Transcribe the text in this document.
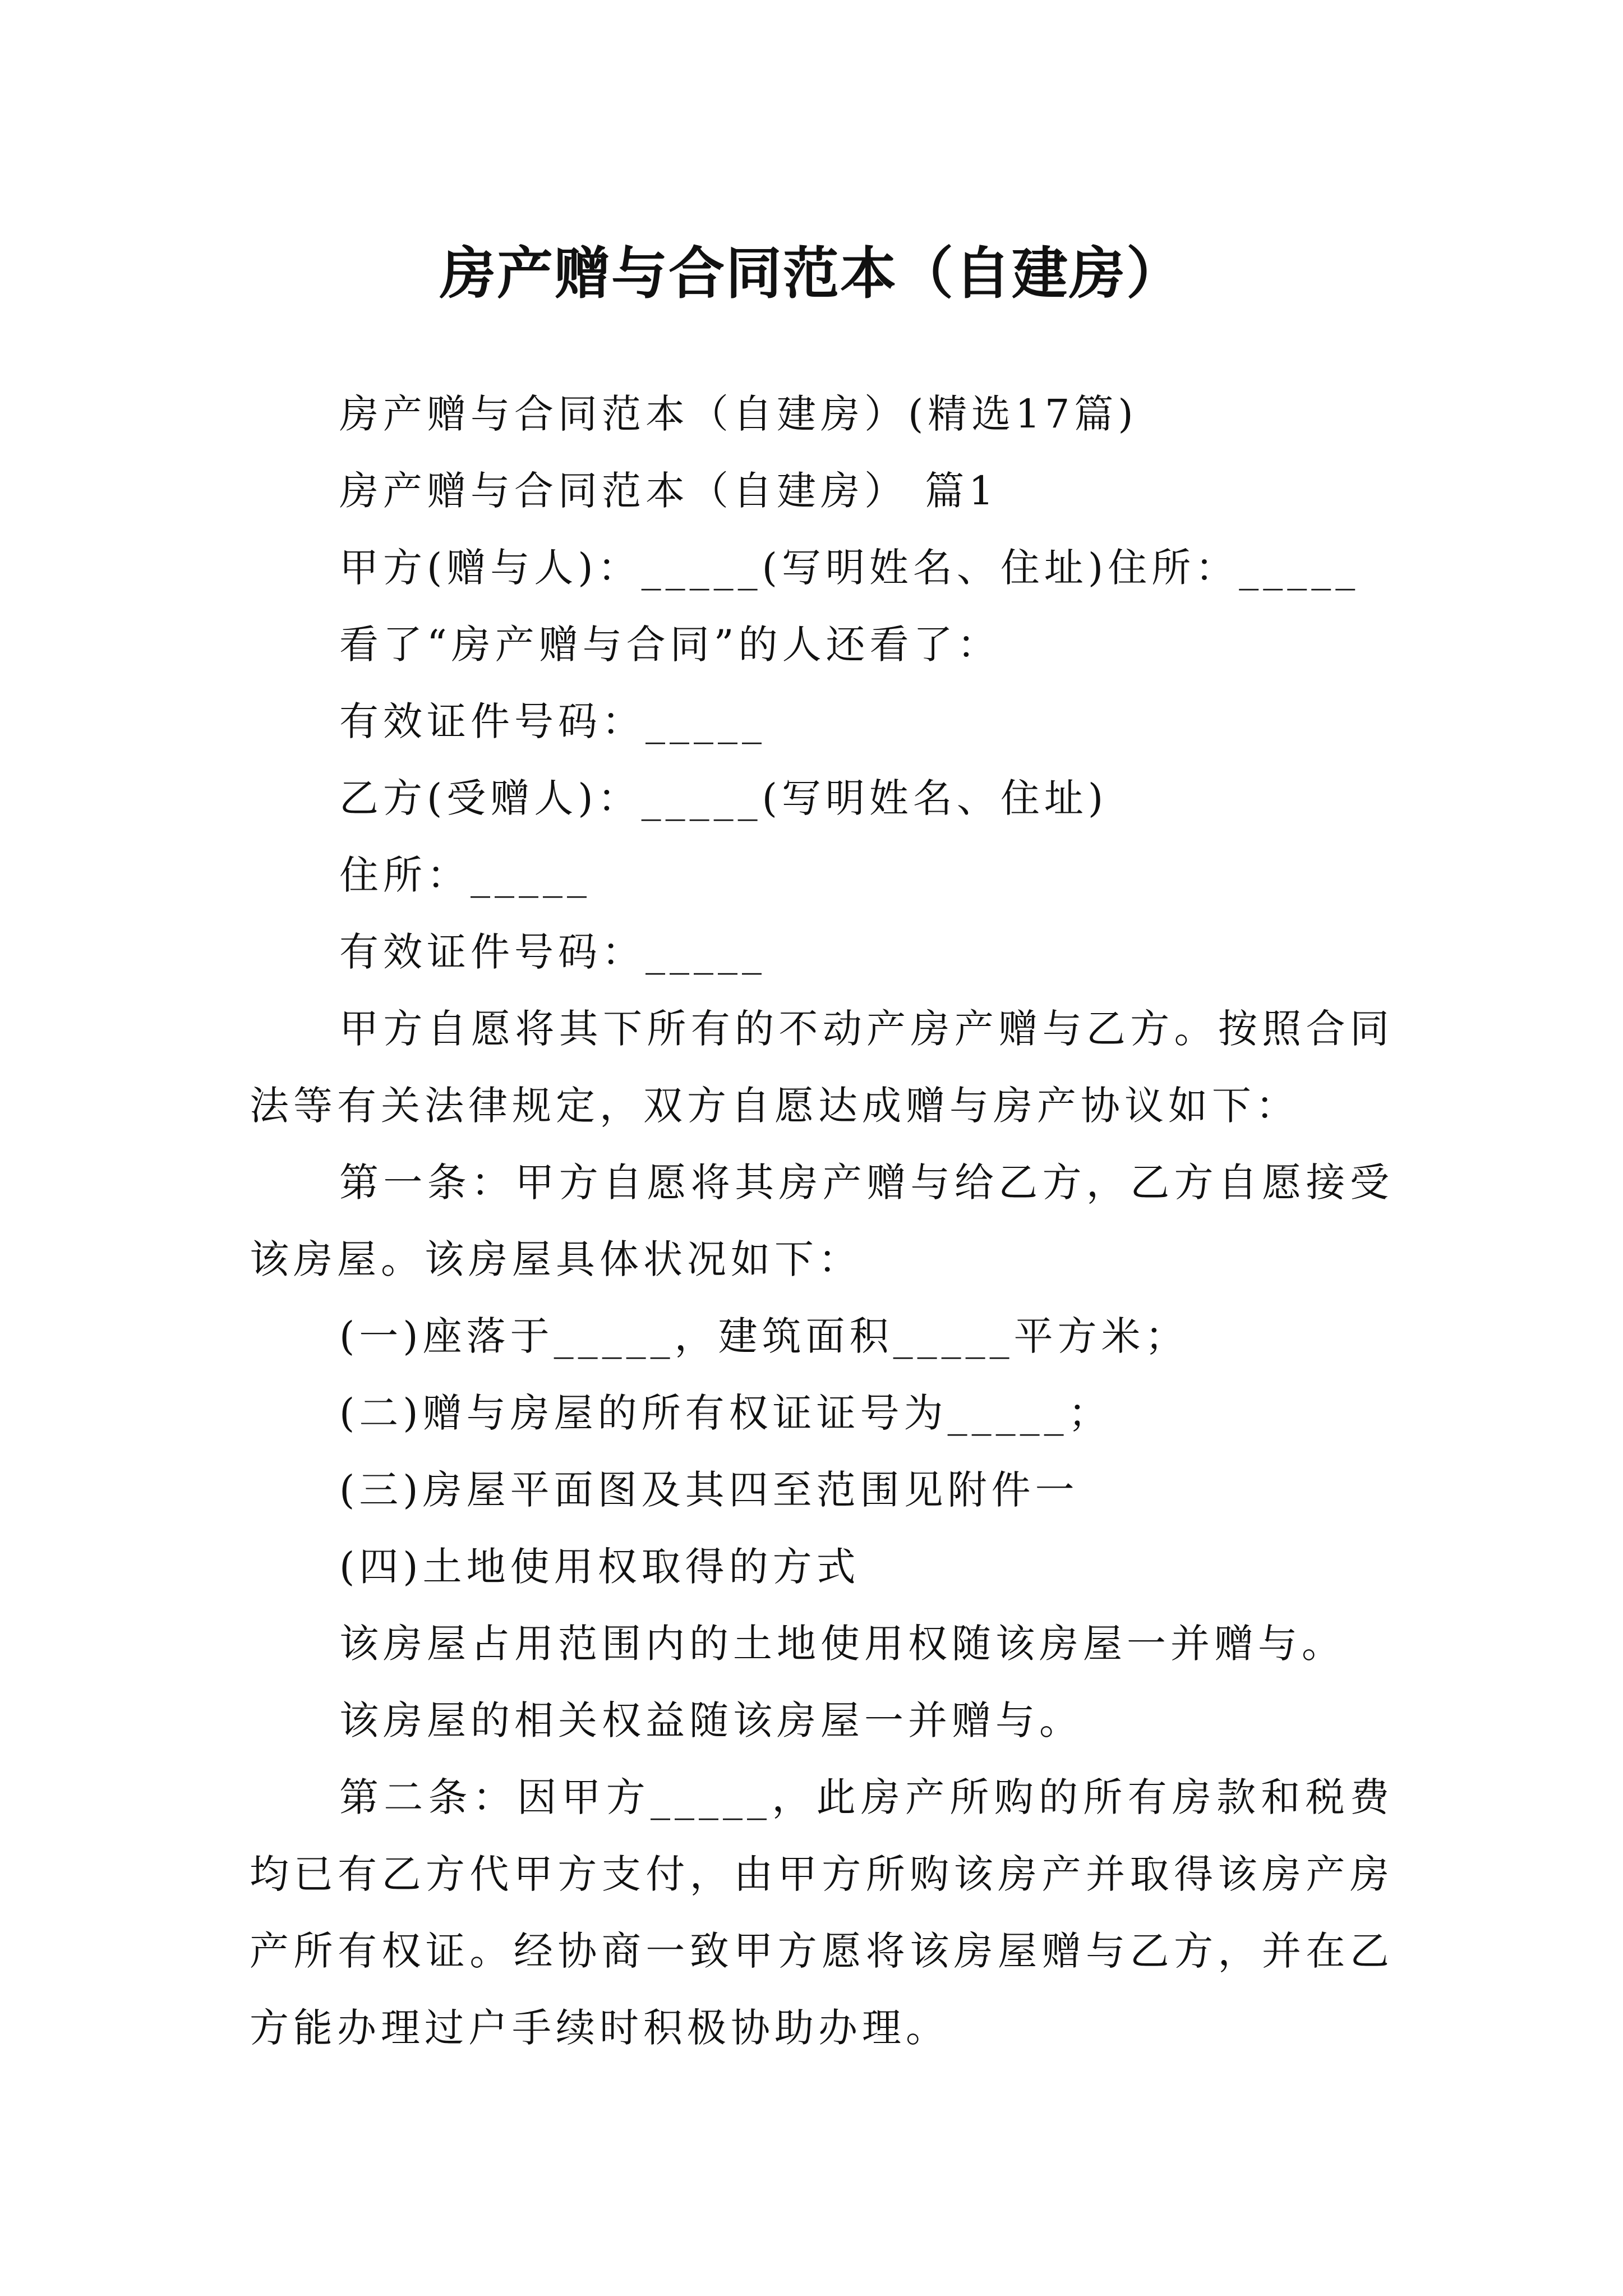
房产赠与合同范本（自建房）

房产赠与合同范本（自建房）(精选17篇)

房产赠与合同范本（自建房） 篇1

甲方(赠与人)：_____(写明姓名、住址)住所：_____

看了“房产赠与合同”的人还看了：

有效证件号码：_____

乙方(受赠人)：_____(写明姓名、住址)

住所：_____

有效证件号码：_____

甲方自愿将其下所有的不动产房产赠与乙方。按照合同法等有关法律规定，双方自愿达成赠与房产协议如下：

第一条：甲方自愿将其房产赠与给乙方，乙方自愿接受该房屋。该房屋具体状况如下：

(一)座落于_____，建筑面积_____平方米；

(二)赠与房屋的所有权证证号为_____；

(三)房屋平面图及其四至范围见附件一

(四)土地使用权取得的方式

该房屋占用范围内的土地使用权随该房屋一并赠与。

该房屋的相关权益随该房屋一并赠与。

第二条：因甲方_____，此房产所购的所有房款和税费均已有乙方代甲方支付，由甲方所购该房产并取得该房产房产所有权证。经协商一致甲方愿将该房屋赠与乙方，并在乙方能办理过户手续时积极协助办理。
